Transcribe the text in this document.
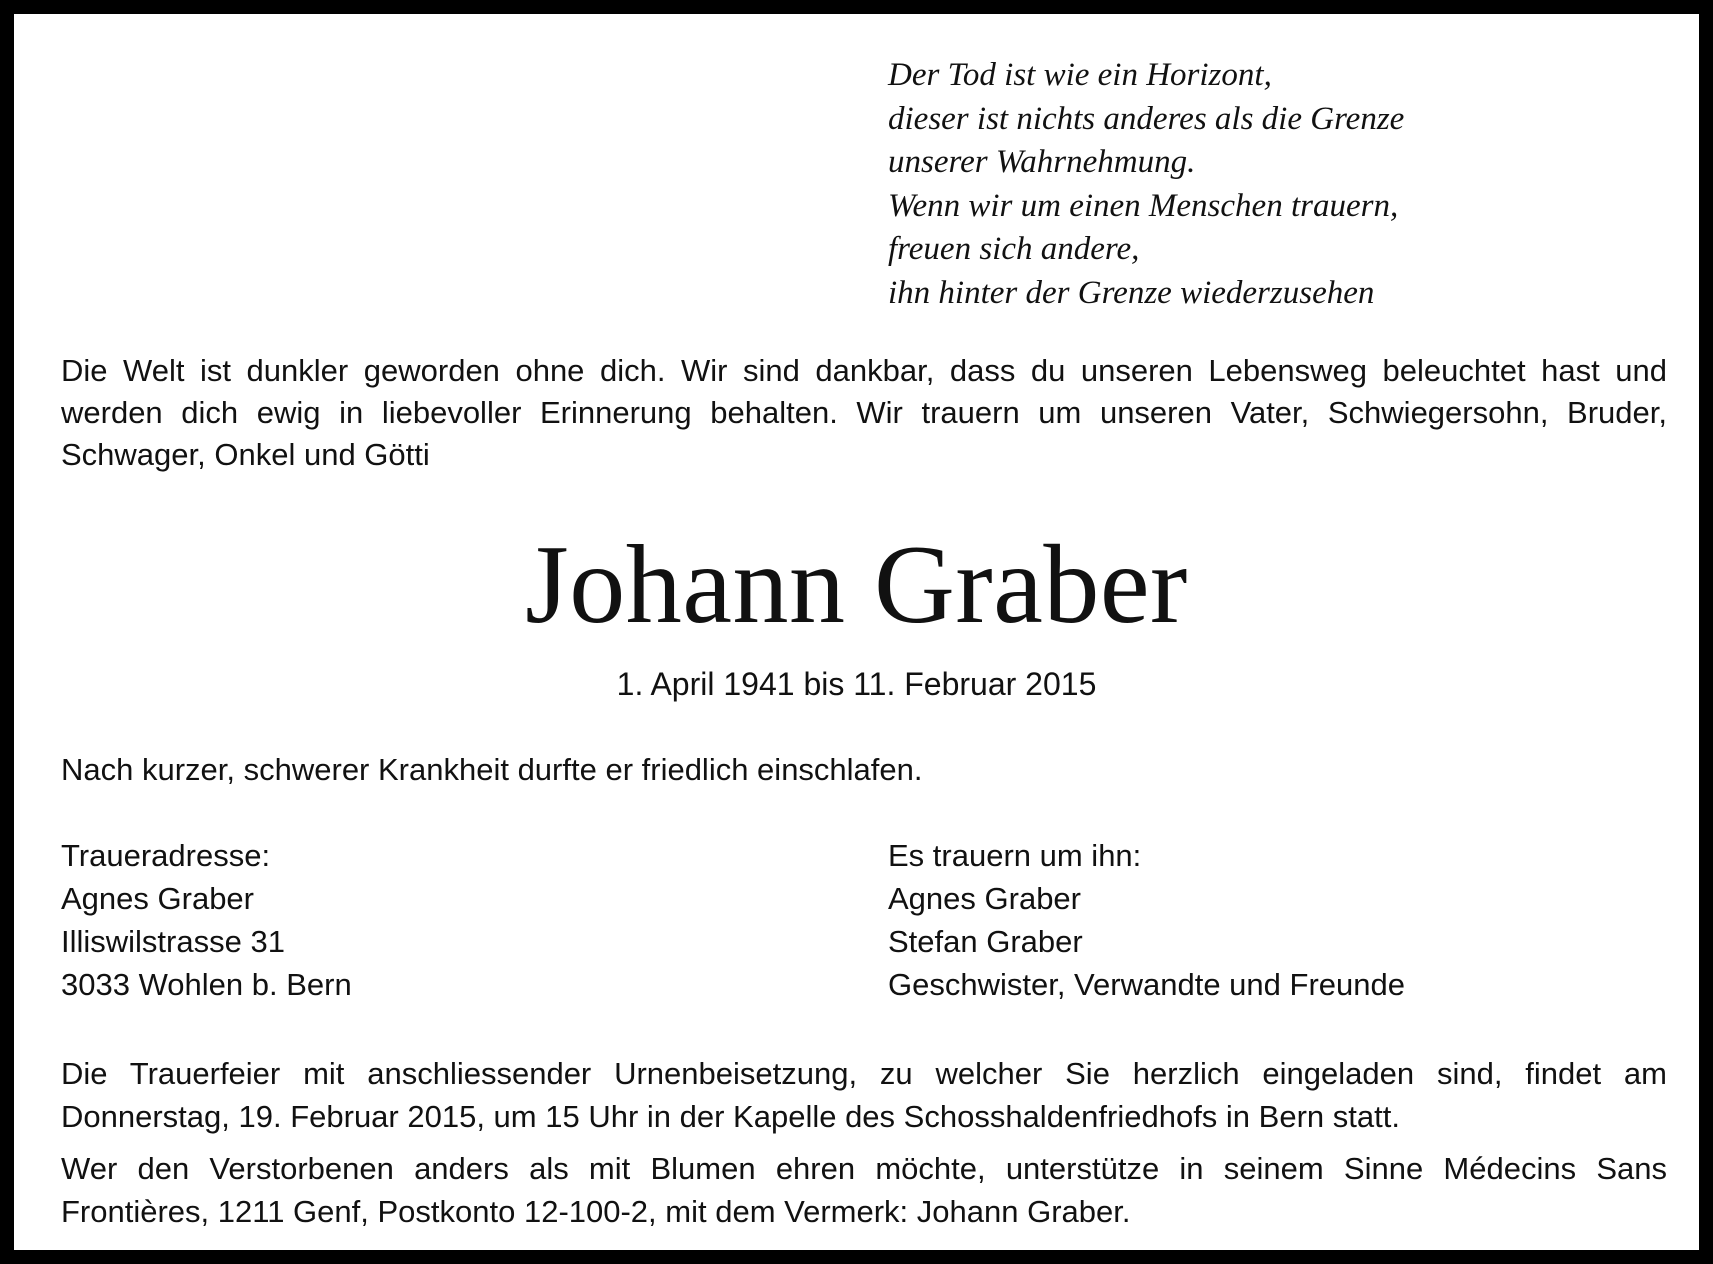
Der Tod ist wie ein Horizont,
dieser ist nichts anderes als die Grenze
unserer Wahrnehmung.
Wenn wir um einen Menschen trauern,
freuen sich andere,
ihn hinter der Grenze wiederzusehen
Die Welt ist dunkler geworden ohne dich. Wir sind dankbar, dass du unseren Lebensweg beleuchtet hast und
werden dich ewig in liebevoller Erinnerung behalten. Wir trauern um unseren Vater, Schwiegersohn, Bruder,
Schwager, Onkel und Götti
Johann Graber
1. April 1941 bis 11. Februar 2015
Nach kurzer, schwerer Krankheit durfte er friedlich einschlafen.
Traueradresse:
Agnes Graber
Illiswilstrasse 31
3033 Wohlen b. Bern
Es trauern um ihn:
Agnes Graber
Stefan Graber
Geschwister, Verwandte und Freunde
Die Trauerfeier mit anschliessender Urnenbeisetzung, zu welcher Sie herzlich eingeladen sind, findet am
Donnerstag, 19. Februar 2015, um 15 Uhr in der Kapelle des Schosshaldenfriedhofs in Bern statt.
Wer den Verstorbenen anders als mit Blumen ehren möchte, unterstütze in seinem Sinne Médecins Sans
Frontières, 1211 Genf, Postkonto 12-100-2, mit dem Vermerk: Johann Graber.
